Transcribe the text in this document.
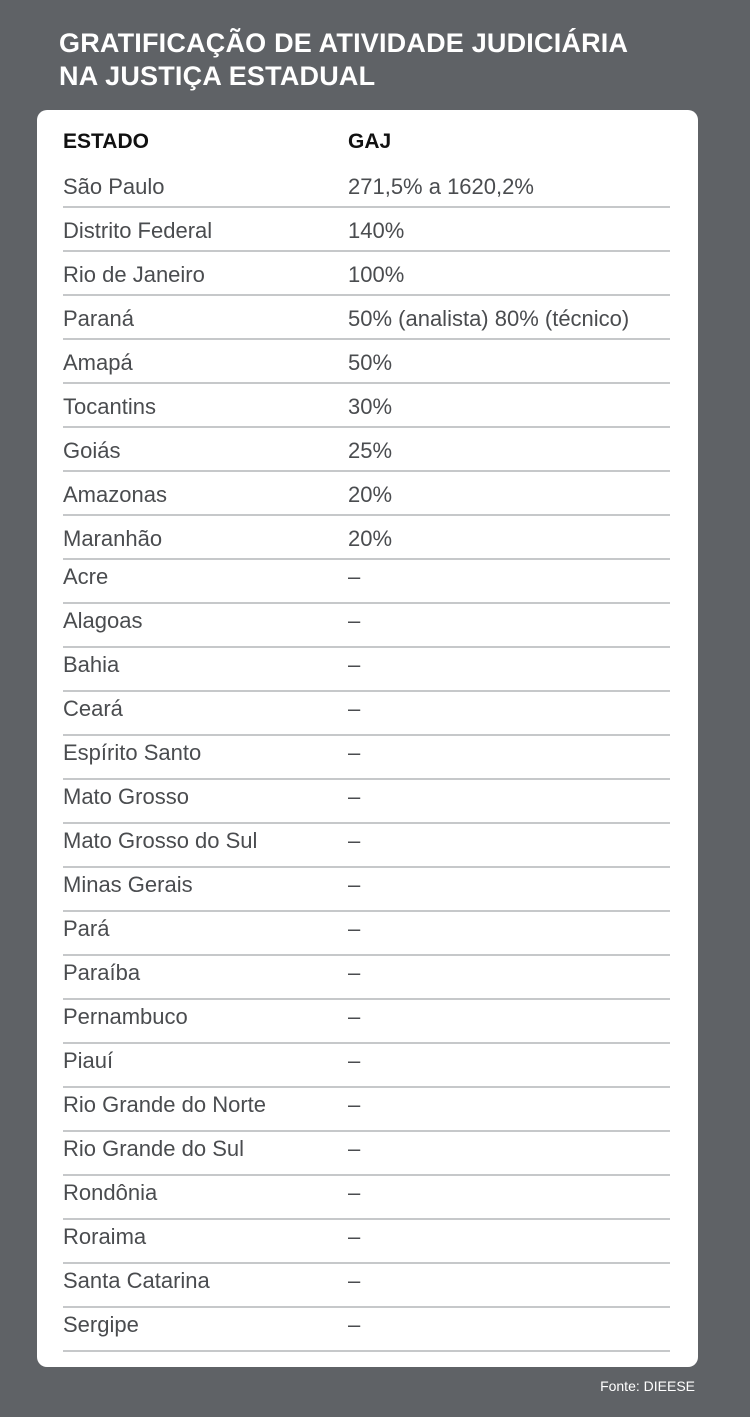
GRATIFICAÇÃO DE ATIVIDADE JUDICIÁRIA
NA JUSTIÇA ESTADUAL
ESTADO	GAJ
São Paulo	271,5% a 1620,2%
Distrito Federal	140%
Rio de Janeiro	100%
Paraná	50% (analista) 80% (técnico)
Amapá	50%
Tocantins	30%
Goiás	25%
Amazonas	20%
Maranhão	20%
Acre	–
Alagoas	–
Bahia	–
Ceará	–
Espírito Santo	–
Mato Grosso	–
Mato Grosso do Sul	–
Minas Gerais	–
Pará	–
Paraíba	–
Pernambuco	–
Piauí	–
Rio Grande do Norte	–
Rio Grande do Sul	–
Rondônia	–
Roraima	–
Santa Catarina	–
Sergipe	–
Fonte: DIEESE
